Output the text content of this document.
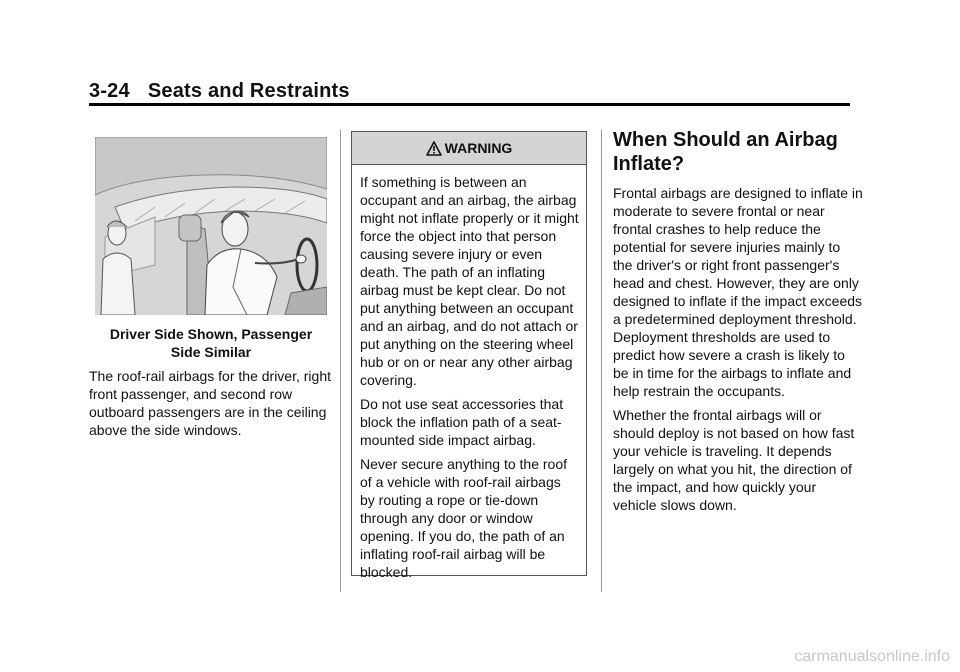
3-24 Seats and Restraints
Driver Side Shown, Passenger Side Similar

The roof-rail airbags for the driver, right front passenger, and second row outboard passengers are in the ceiling above the side windows.

WARNING

If something is between an occupant and an airbag, the airbag might not inflate properly or it might force the object into that person causing severe injury or even death. The path of an inflating airbag must be kept clear. Do not put anything between an occupant and an airbag, and do not attach or put anything on the steering wheel hub or on or near any other airbag covering.

Do not use seat accessories that block the inflation path of a seat-mounted side impact airbag.

Never secure anything to the roof of a vehicle with roof-rail airbags by routing a rope or tie-down through any door or window opening. If you do, the path of an inflating roof-rail airbag will be blocked.

When Should an Airbag Inflate?

Frontal airbags are designed to inflate in moderate to severe frontal or near frontal crashes to help reduce the potential for severe injuries mainly to the driver's or right front passenger's head and chest. However, they are only designed to inflate if the impact exceeds a predetermined deployment threshold. Deployment thresholds are used to predict how severe a crash is likely to be in time for the airbags to inflate and help restrain the occupants.

Whether the frontal airbags will or should deploy is not based on how fast your vehicle is traveling. It depends largely on what you hit, the direction of the impact, and how quickly your vehicle slows down.

carmanualsonline.info
